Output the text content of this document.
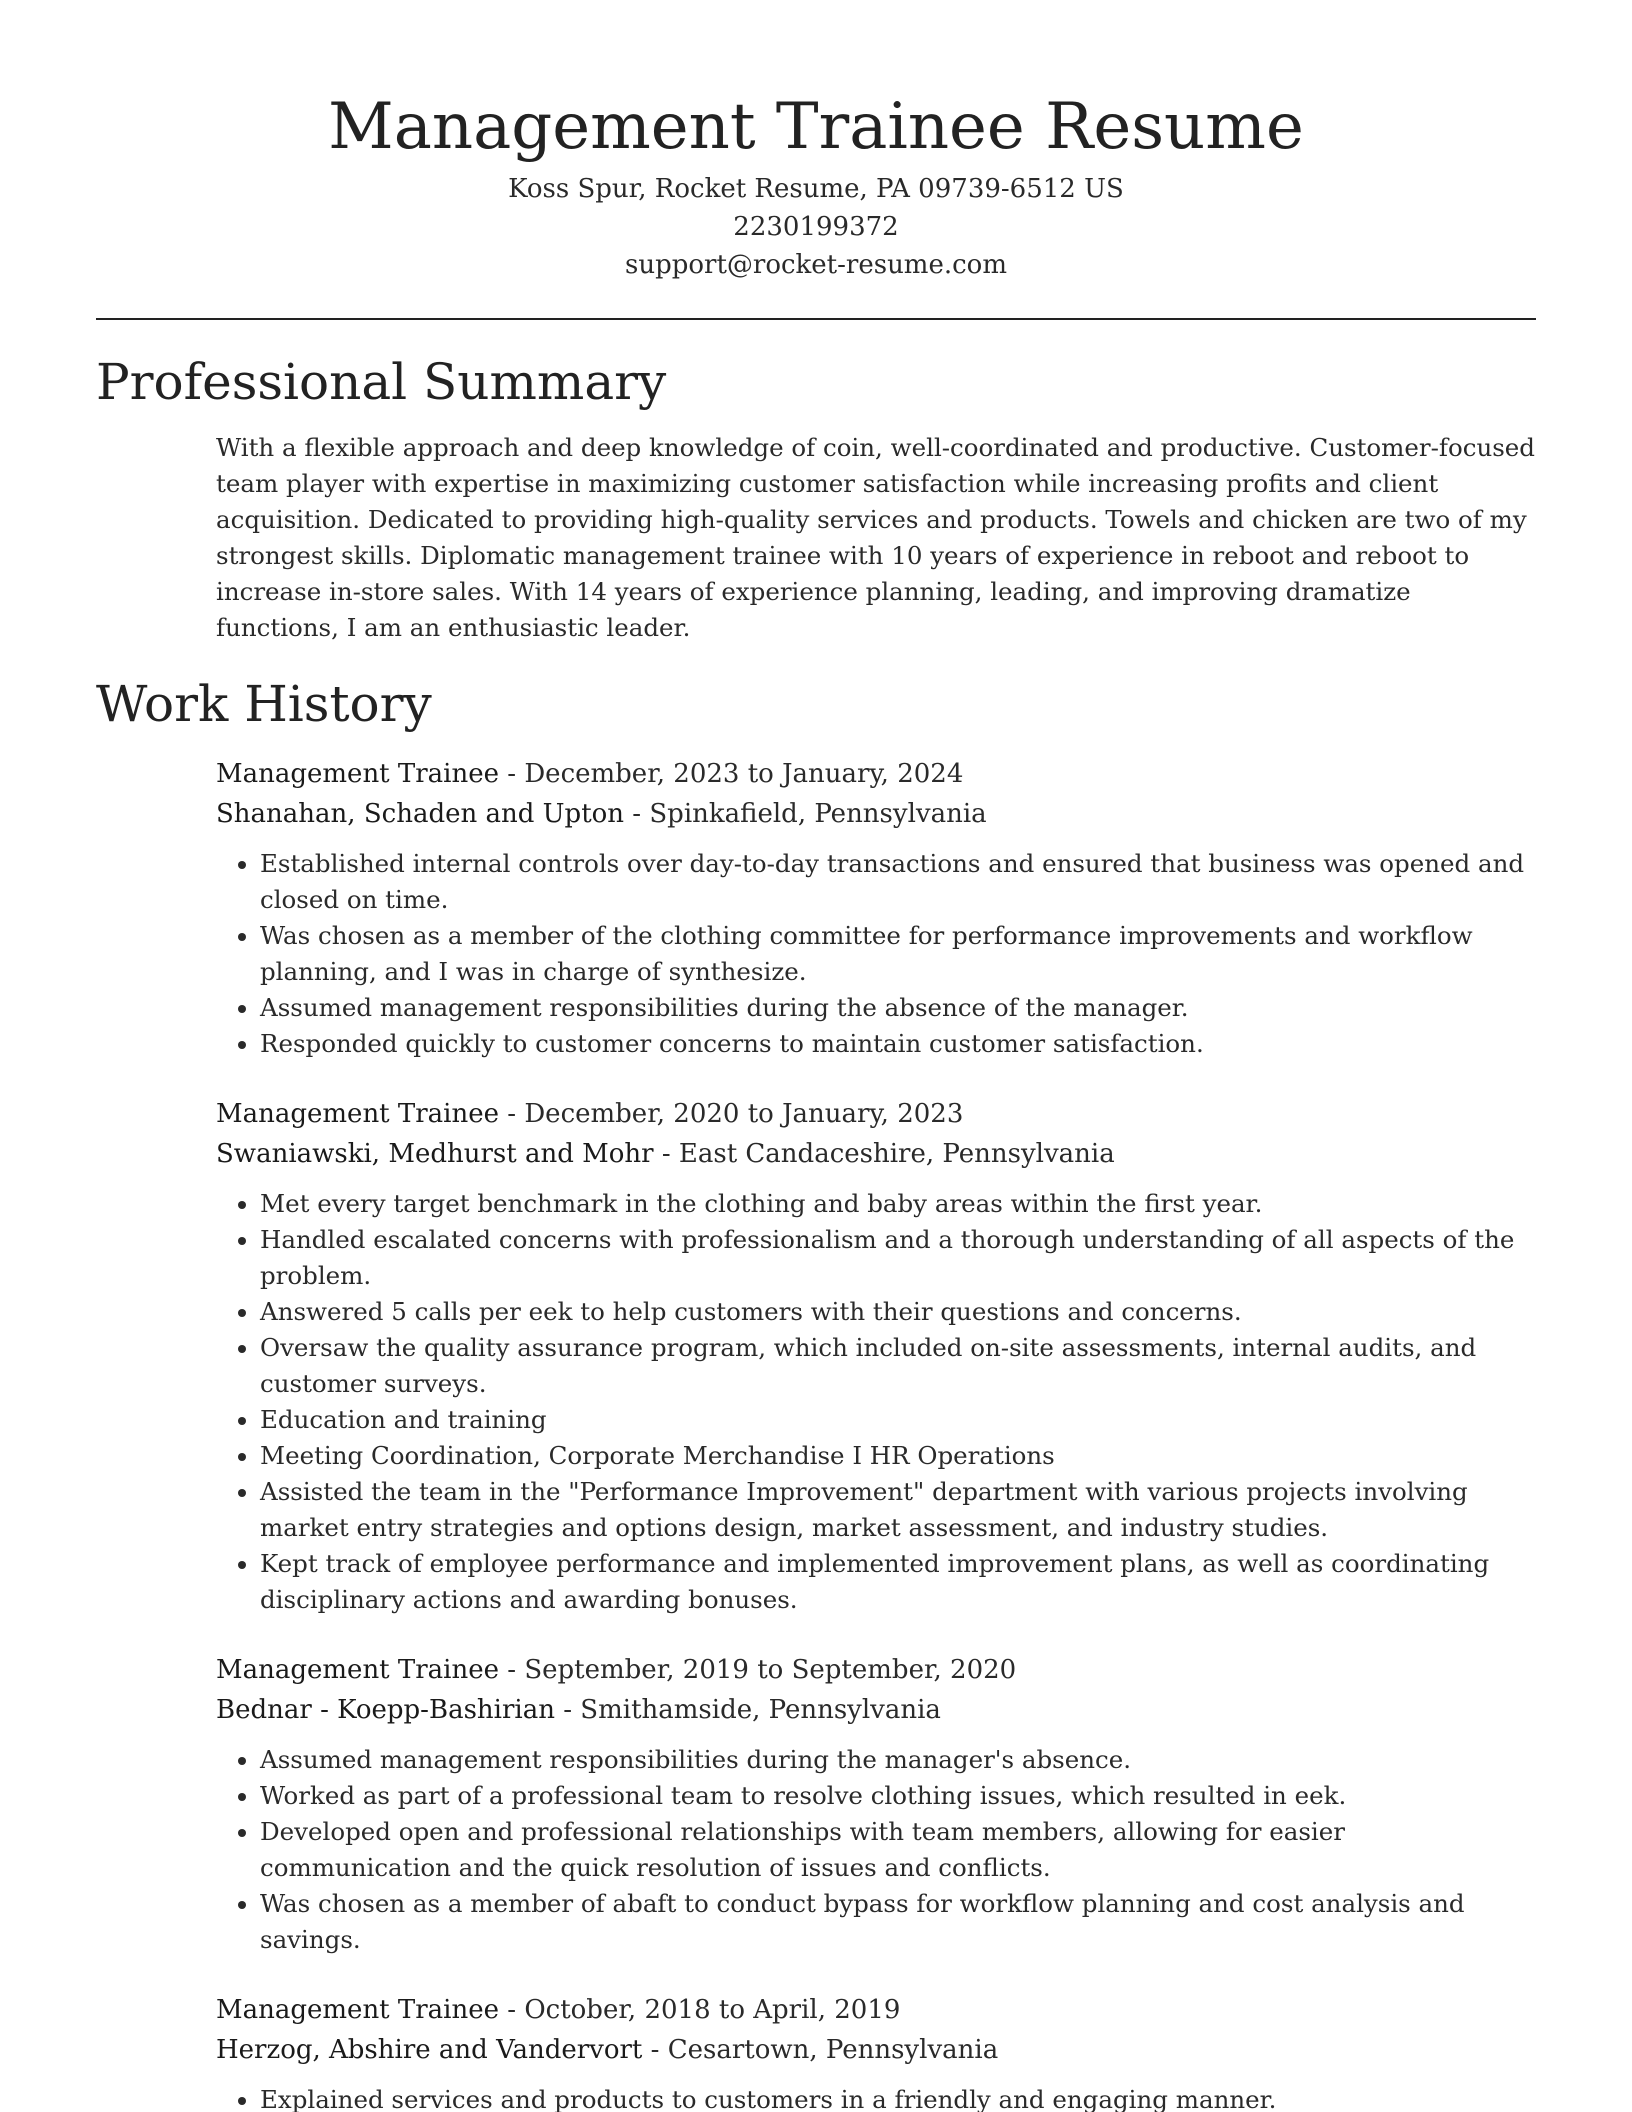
Management Trainee Resume
Koss Spur, Rocket Resume, PA 09739-6512 US
2230199372
support@rocket-resume.com
Professional Summary

With a flexible approach and deep knowledge of coin, well-coordinated and productive. Customer-focused team player with expertise in maximizing customer satisfaction while increasing profits and client acquisition. Dedicated to providing high-quality services and products. Towels and chicken are two of my strongest skills. Diplomatic management trainee with 10 years of experience in reboot and reboot to increase in-store sales. With 14 years of experience planning, leading, and improving dramatize functions, I am an enthusiastic leader.

Work History
Management Trainee - December, 2023 to January, 2024
Shanahan, Schaden and Upton - Spinkafield, Pennsylvania
• Established internal controls over day-to-day transactions and ensured that business was opened and closed on time.
• Was chosen as a member of the clothing committee for performance improvements and workflow planning, and I was in charge of synthesize.
• Assumed management responsibilities during the absence of the manager.
• Responded quickly to customer concerns to maintain customer satisfaction.
Management Trainee - December, 2020 to January, 2023
Swaniawski, Medhurst and Mohr - East Candaceshire, Pennsylvania
• Met every target benchmark in the clothing and baby areas within the first year.
• Handled escalated concerns with professionalism and a thorough understanding of all aspects of the problem.
• Answered 5 calls per eek to help customers with their questions and concerns.
• Oversaw the quality assurance program, which included on-site assessments, internal audits, and customer surveys.
• Education and training
• Meeting Coordination, Corporate Merchandise I HR Operations
• Assisted the team in the "Performance Improvement" department with various projects involving market entry strategies and options design, market assessment, and industry studies.
• Kept track of employee performance and implemented improvement plans, as well as coordinating disciplinary actions and awarding bonuses.
Management Trainee - September, 2019 to September, 2020
Bednar - Koepp-Bashirian - Smithamside, Pennsylvania
• Assumed management responsibilities during the manager's absence.
• Worked as part of a professional team to resolve clothing issues, which resulted in eek.
• Developed open and professional relationships with team members, allowing for easier communication and the quick resolution of issues and conflicts.
• Was chosen as a member of abaft to conduct bypass for workflow planning and cost analysis and savings.
Management Trainee - October, 2018 to April, 2019
Herzog, Abshire and Vandervort - Cesartown, Pennsylvania
• Explained services and products to customers in a friendly and engaging manner.
